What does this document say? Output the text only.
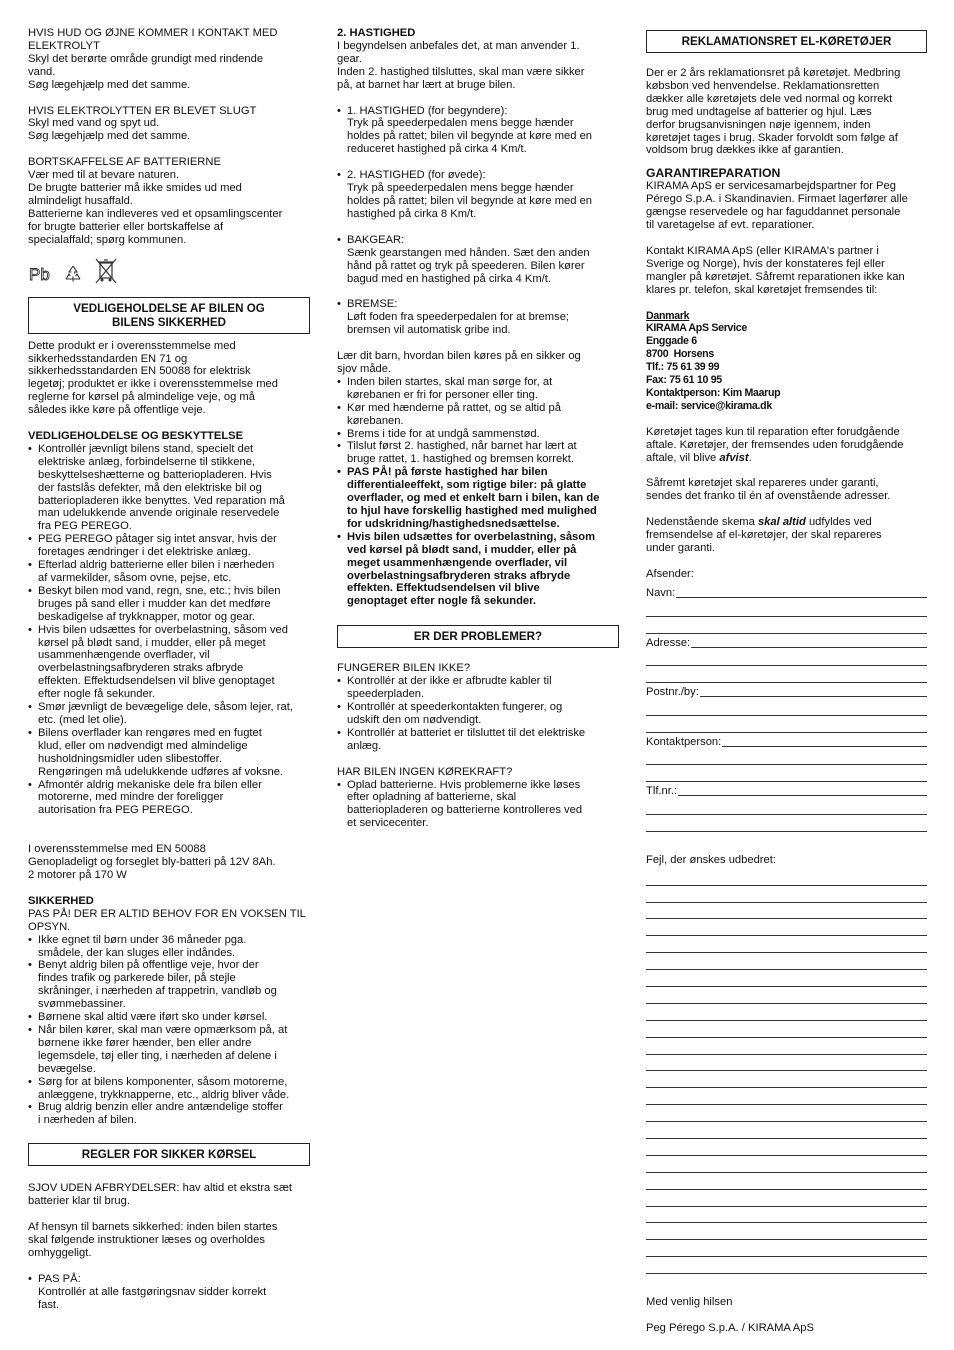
HVIS HUD OG ØJNE KOMMER I KONTAKT MED
ELEKTROLYT
Skyl det berørte område grundigt med rindende
vand.
Søg lægehjælp med det samme.
HVIS ELEKTROLYTTEN ER BLEVET SLUGT
Skyl med vand og spyt ud.
Søg lægehjælp med det samme.
BORTSKAFFELSE AF BATTERIERNE
Vær med til at bevare naturen.
De brugte batterier må ikke smides ud med
almindeligt husaffald.
Batterierne kan indleveres ved et opsamlingscenter
for brugte batterier eller bortskaffelse af
specialaffald; spørg kommunen.
Pb
VEDLIGEHOLDELSE AF BILEN OG
BILENS SIKKERHED
Dette produkt er i overensstemmelse med
sikkerhedsstandarden EN 71 og
sikkerhedsstandarden EN 50088 for elektrisk
legetøj; produktet er ikke i overensstemmelse med
reglerne for kørsel på almindelige veje, og må
således ikke køre på offentlige veje.

VEDLIGEHOLDELSE OG BESKYTTELSE

• Kontrollér jævnligt bilens stand, specielt det
elektriske anlæg, forbindelserne til stikkene,
beskyttelseshætterne og batteriopladeren. Hvis
der fastslås defekter, må den elektriske bil og
batteriopladeren ikke benyttes. Ved reparation må
man udelukkende anvende originale reservedele
fra PEG PEREGO.
• PEG PEREGO påtager sig intet ansvar, hvis der
foretages ændringer i det elektriske anlæg.
• Efterlad aldrig batterierne eller bilen i nærheden
af varmekilder, såsom ovne, pejse, etc.
• Beskyt bilen mod vand, regn, sne, etc.; hvis bilen
bruges på sand eller i mudder kan det medføre
beskadigelse af trykknapper, motor og gear.
• Hvis bilen udsættes for overbelastning, såsom ved
kørsel på blødt sand, i mudder, eller på meget
usammenhængende overflader, vil
overbelastningsafbryderen straks afbryde
effekten. Effektudsendelsen vil blive genoptaget
efter nogle få sekunder.
• Smør jævnligt de bevægelige dele, såsom lejer, rat,
etc. (med let olie).
• Bilens overflader kan rengøres med en fugtet
klud, eller om nødvendigt med almindelige
husholdningsmidler uden slibestoffer.
Rengøringen må udelukkende udføres af voksne.
• Afmontér aldrig mekaniske dele fra bilen eller
motorerne, med mindre der foreligger
autorisation fra PEG PEREGO.
I overensstemmelse med EN 50088
Genopladeligt og forseglet bly-batteri på 12V 8Ah.
2 motorer på 170 W

SIKKERHED

PAS PÅ! DER ER ALTID BEHOV FOR EN VOKSEN TIL
OPSYN.
• Ikke egnet til børn under 36 måneder pga.
smådele, der kan sluges eller indåndes.
• Benyt aldrig bilen på offentlige veje, hvor der
findes trafik og parkerede biler, på stejle
skråninger, i nærheden af trappetrin, vandløb og
svømmebassiner.
• Børnene skal altid være iført sko under kørsel.
• Når bilen kører, skal man være opmærksom på, at
børnene ikke fører hænder, ben eller andre
legemsdele, tøj eller ting, i nærheden af delene i
bevægelse.
• Sørg for at bilens komponenter, såsom motorerne,
anlæggene, trykknapperne, etc., aldrig bliver våde.
• Brug aldrig benzin eller andre antændelige stoffer
i nærheden af bilen.
REGLER FOR SIKKER KØRSEL
SJOV UDEN AFBRYDELSER: hav altid et ekstra sæt
batterier klar til brug.
Af hensyn til barnets sikkerhed: inden bilen startes
skal følgende instruktioner læses og overholdes
omhyggeligt.
• PAS PÅ:
Kontrollér at alle fastgøringsnav sidder korrekt
fast.

2. HASTIGHED

I begyndelsen anbefales det, at man anvender 1.
gear.
Inden 2. hastighed tilsluttes, skal man være sikker
på, at barnet har lært at bruge bilen.
• 1. HASTIGHED (for begyndere):
Tryk på speederpedalen mens begge hænder
holdes på rattet; bilen vil begynde at køre med en
reduceret hastighed på cirka 4 Km/t.
• 2. HASTIGHED (for øvede):
Tryk på speederpedalen mens begge hænder
holdes på rattet; bilen vil begynde at køre med en
hastighed på cirka 8 Km/t.
• BAKGEAR:
Sænk gearstangen med hånden. Sæt den anden
hånd på rattet og tryk på speederen. Bilen kører
bagud med en hastighed på cirka 4 Km/t.
• BREMSE:
Løft foden fra speederpedalen for at bremse;
bremsen vil automatisk gribe ind.
Lær dit barn, hvordan bilen køres på en sikker og
sjov måde.
• Inden bilen startes, skal man sørge for, at
kørebanen er fri for personer eller ting.
• Kør med hænderne på rattet, og se altid på
kørebanen.
• Brems i tide for at undgå sammenstød.
• Tilslut først 2. hastighed, når barnet har lært at
bruge rattet, 1. hastighed og bremsen korrekt.
• PAS PÅ! på første hastighed har bilen
differentialeeffekt, som rigtige biler: på glatte
overflader, og med et enkelt barn i bilen, kan de
to hjul have forskellig hastighed med mulighed
for udskridning/hastighedsnedsættelse.
• Hvis bilen udsættes for overbelastning, såsom
ved kørsel på blødt sand, i mudder, eller på
meget usammenhængende overflader, vil
overbelastningsafbryderen straks afbryde
effekten. Effektudsendelsen vil blive
genoptaget efter nogle få sekunder.
ER DER PROBLEMER?

FUNGERER BILEN IKKE?

• Kontrollér at der ikke er afbrudte kabler til
speederpladen.
• Kontrollér at speederkontakten fungerer, og
udskift den om nødvendigt.
• Kontrollér at batteriet er tilsluttet til det elektriske
anlæg.

HAR BILEN INGEN KØREKRAFT?

• Oplad batterierne. Hvis problemerne ikke løses
efter opladning af batterierne, skal
batteriopladeren og batterierne kontrolleres ved
et servicecenter.
REKLAMATIONSRET EL-KØRETØJER
Der er 2 års reklamationsret på køretøjet. Medbring
købsbon ved henvendelse. Reklamationsretten
dækker alle køretøjets dele ved normal og korrekt
brug med undtagelse af batterier og hjul. Læs
derfor brugsanvisningen nøje igennem, inden
køretøjet tages i brug. Skader forvoldt som følge af
voldsom brug dækkes ikke af garantien.

GARANTIREPARATION

KIRAMA ApS er servicesamarbejdspartner for Peg
Pérego S.p.A. i Skandinavien. Firmaet lagerfører alle
gængse reservedele og har faguddannet personale
til varetagelse af evt. reparationer.
Kontakt KIRAMA ApS (eller KIRAMA's partner i
Sverige og Norge), hvis der konstateres fejl eller
mangler på køretøjet. Såfremt reparationen ikke kan
klares pr. telefon, skal køretøjet fremsendes til:
Danmark
KIRAMA ApS Service
Enggade 6
8700  Horsens
Tlf.: 75 61 39 99
Fax: 75 61 10 95
Kontaktperson: Kim Maarup
e-mail: service@kirama.dk
Køretøjet tages kun til reparation efter forudgående
aftale. Køretøjer, der fremsendes uden forudgående
aftale, vil blive afvist.
Såfremt køretøjet skal repareres under garanti,
sendes det franko til én af ovenstående adresser.
Nedenstående skema skal altid udfyldes ved
fremsendelse af el-køretøjer, der skal repareres
under garanti.

Afsender:

Navn:
Adresse:
Postnr./by:
Kontaktperson:
Tlf.nr.:

Fejl, der ønskes udbedret:

Med venlig hilsen

Peg Pérego S.p.A. / KIRAMA ApS
